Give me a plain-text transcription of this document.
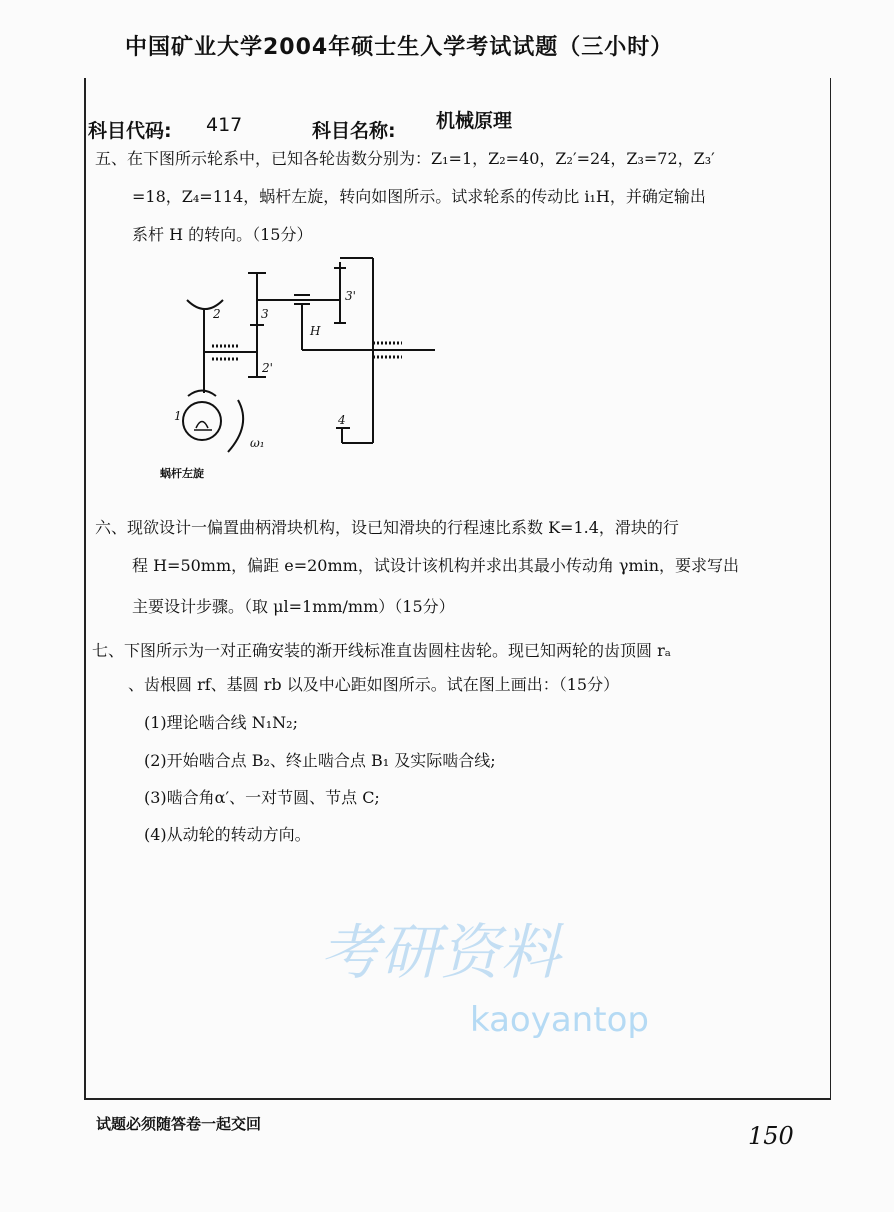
中国矿业大学2004年硕士生入学考试试题（三小时）
科目代码: 417	科目名称: 机械原理
五、在下图所示轮系中，已知各轮齿数分别为：Z₁=1，Z₂=40，Z₂′=24，Z₃=72，Z₃′
=18，Z₄=114，蜗杆左旋，转向如图所示。试求轮系的传动比 i₁H，并确定输出
系杆 H 的转向。（15分）
1
2	3
2'
3'
H
4
ω₁
蜗杆左旋
六、现欲设计一偏置曲柄滑块机构，设已知滑块的行程速比系数 K=1.4，滑块的行
程 H=50mm，偏距 e=20mm，试设计该机构并求出其最小传动角 γmin，要求写出
主要设计步骤。（取 μl=1mm/mm）（15分）
七、下图所示为一对正确安装的渐开线标准直齿圆柱齿轮。现已知两轮的齿顶圆 rₐ
、齿根圆 rf、基圆 rb 以及中心距如图所示。试在图上画出：（15分）
(1)理论啮合线 N₁N₂;
(2)开始啮合点 B₂、终止啮合点 B₁ 及实际啮合线;
(3)啮合角α′、一对节圆、节点 C;
(4)从动轮的转动方向。
考研资料
kaoyantop
试题必须随答卷一起交回	150
